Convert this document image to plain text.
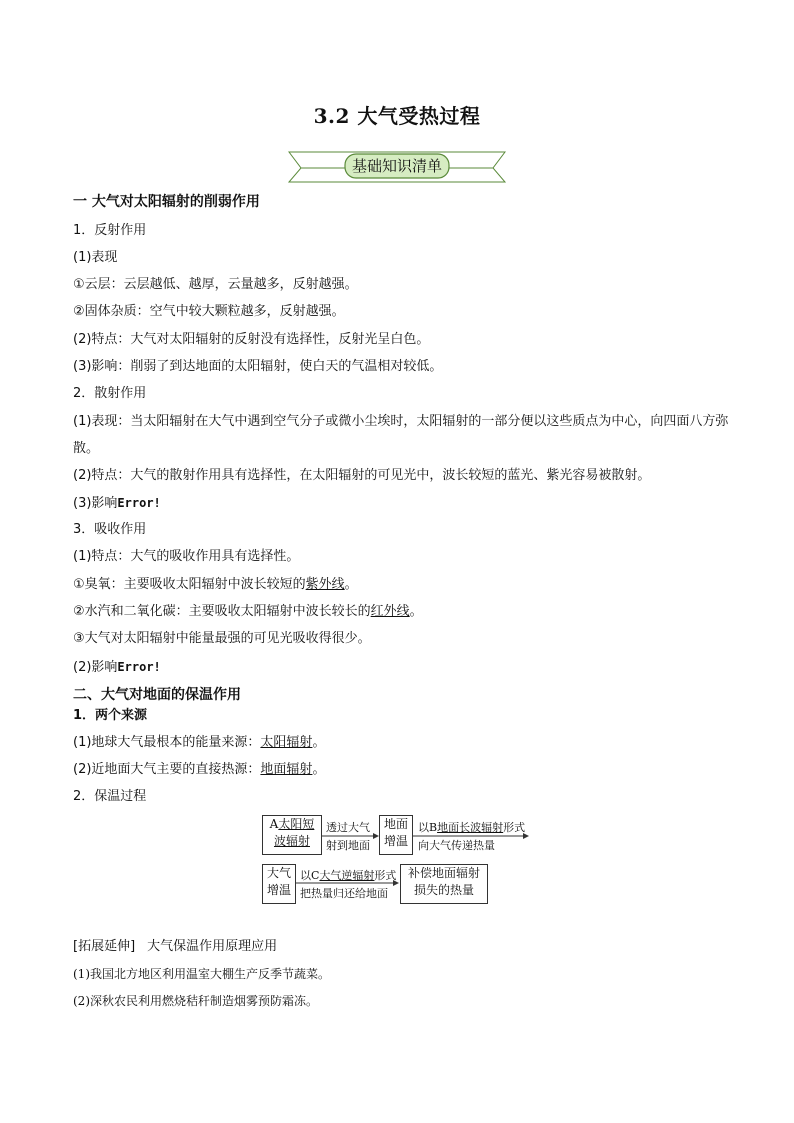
3.2 大气受热过程
基础知识清单
一 大气对太阳辐射的削弱作用
1．反射作用
(1)表现
①云层：云层越低、越厚，云量越多，反射越强。
②固体杂质：空气中较大颗粒越多，反射越强。
(2)特点：大气对太阳辐射的反射没有选择性，反射光呈白色。
(3)影响：削弱了到达地面的太阳辐射，使白天的气温相对较低。
2．散射作用
(1)表现：当太阳辐射在大气中遇到空气分子或微小尘埃时，太阳辐射的一部分便以这些质点为中心，向四面八方弥散。
(2)特点：大气的散射作用具有选择性，在太阳辐射的可见光中，波长较短的蓝光、紫光容易被散射。
(3)影响Error!
3．吸收作用
(1)特点：大气的吸收作用具有选择性。
①臭氧：主要吸收太阳辐射中波长较短的紫外线。
②水汽和二氧化碳：主要吸收太阳辐射中波长较长的红外线。
③大气对太阳辐射中能量最强的可见光吸收得很少。
(2)影响Error!
二、大气对地面的保温作用
1．两个来源
(1)地球大气最根本的能量来源：太阳辐射。
(2)近地面大气主要的直接热源：地面辐射。
2．保温过程
A太阳短
波辐射
透过大气
射到地面
地面
增温
以B地面长波辐射形式
向大气传递热量
大气
增温
以C大气逆辐射形式
把热量归还给地面
补偿地面辐射
损失的热量
[拓展延伸] 大气保温作用原理应用
(1)我国北方地区利用温室大棚生产反季节蔬菜。
(2)深秋农民利用燃烧秸秆制造烟雾预防霜冻。
